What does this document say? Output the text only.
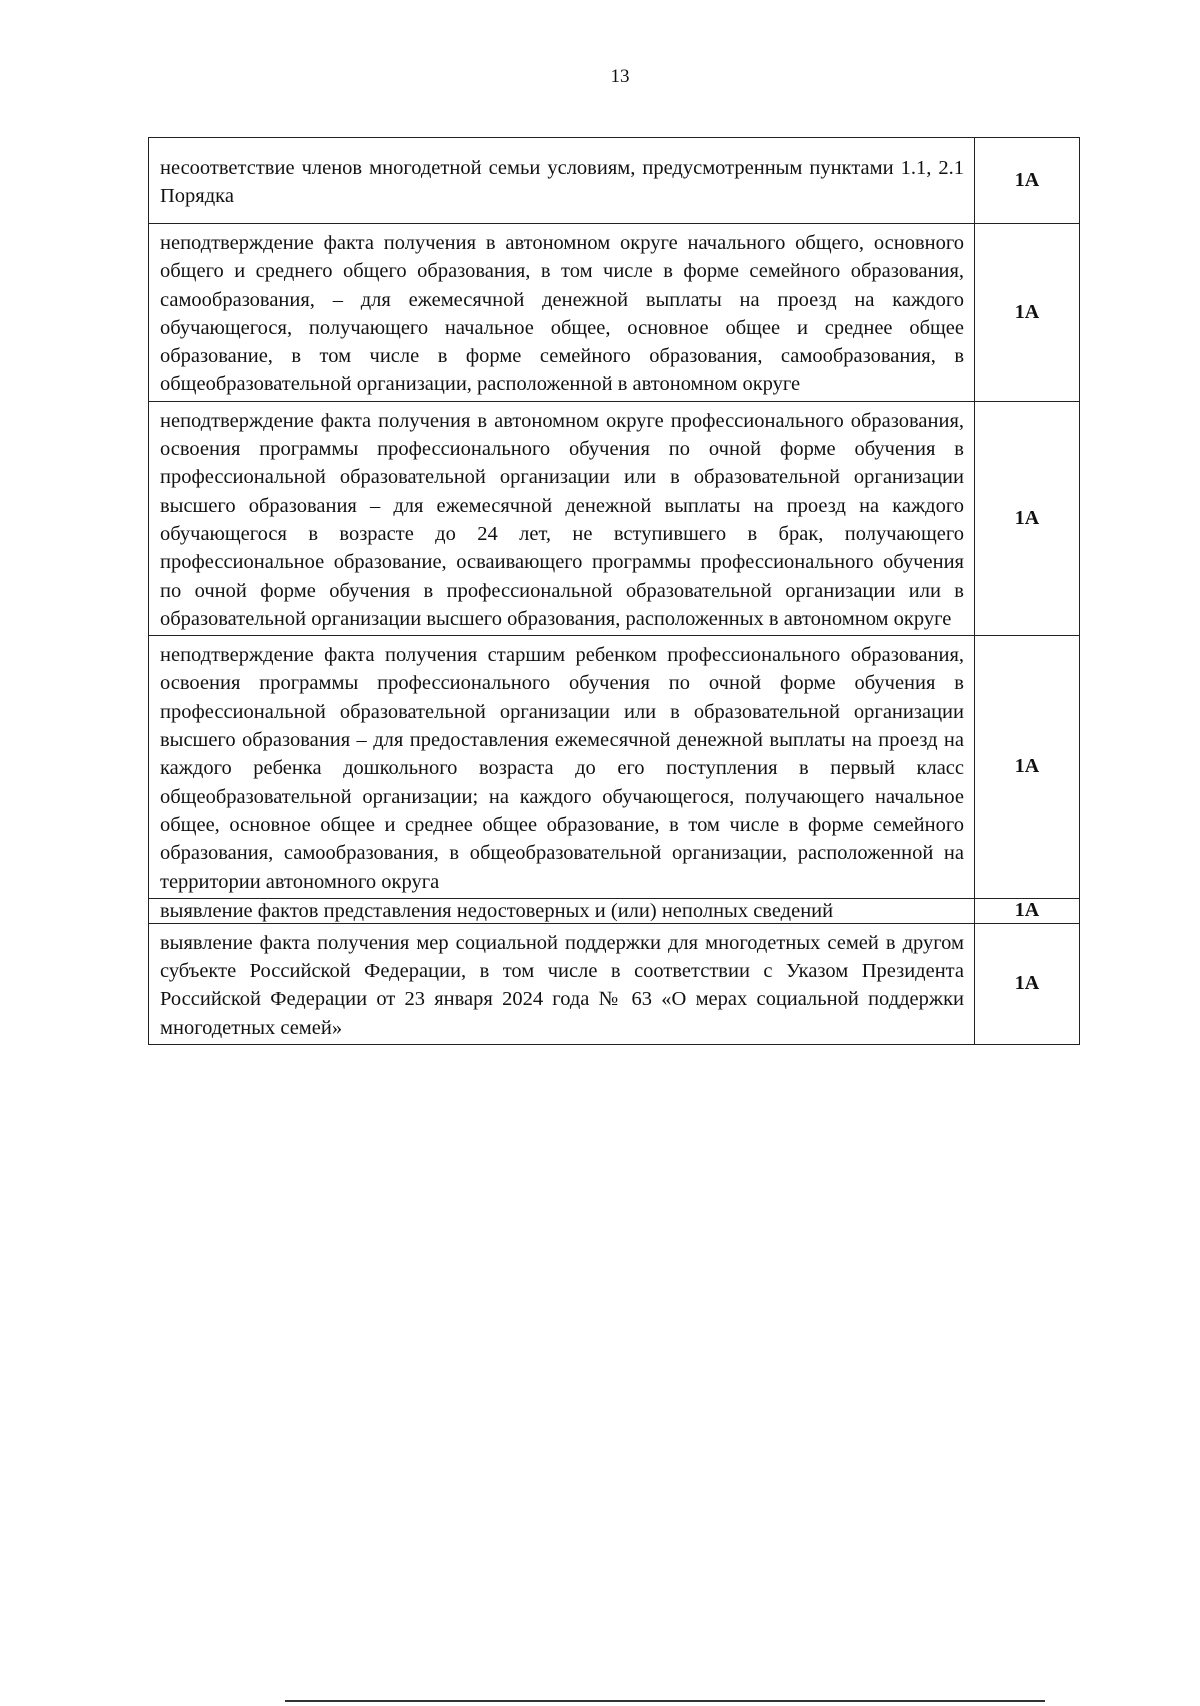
13
несоответствие членов многодетной семьи условиям, предусмотренным пунктами 1.1, 2.1 Порядка	1А
неподтверждение факта получения в автономном округе начального общего, основного общего и среднего общего образования, в том числе в форме семейного образования, самообразования, – для ежемесячной денежной выплаты на проезд на каждого обучающегося, получающего начальное общее, основное общее и среднее общее образование, в том числе в форме семейного образования, самообразования, в общеобразовательной организации, расположенной в автономном округе	1А
неподтверждение факта получения в автономном округе профессионального образования, освоения программы профессионального обучения по очной форме обучения в профессиональной образовательной организации или в образовательной организации высшего образования – для ежемесячной денежной выплаты на проезд на каждого обучающегося в возрасте до 24 лет, не вступившего в брак, получающего профессиональное образование, осваивающего программы профессионального обучения по очной форме обучения в профессиональной образовательной организации или в образовательной организации высшего образования, расположенных в автономном округе	1А
неподтверждение факта получения старшим ребенком профессионального образования, освоения программы профессионального обучения по очной форме обучения в профессиональной образовательной организации или в образовательной организации высшего образования – для предоставления ежемесячной денежной выплаты на проезд на каждого ребенка дошкольного возраста до его поступления в первый класс общеобразовательной организации; на каждого обучающегося, получающего начальное общее, основное общее и среднее общее образование, в том числе в форме семейного образования, самообразования, в общеобразовательной организации, расположенной на территории автономного округа	1А
выявление фактов представления недостоверных и (или) неполных сведений	1А
выявление факта получения мер социальной поддержки для многодетных семей в другом субъекте Российской Федерации, в том числе в соответствии с Указом Президента Российской Федерации от 23 января 2024 года № 63 «О мерах социальной поддержки многодетных семей»	1А
